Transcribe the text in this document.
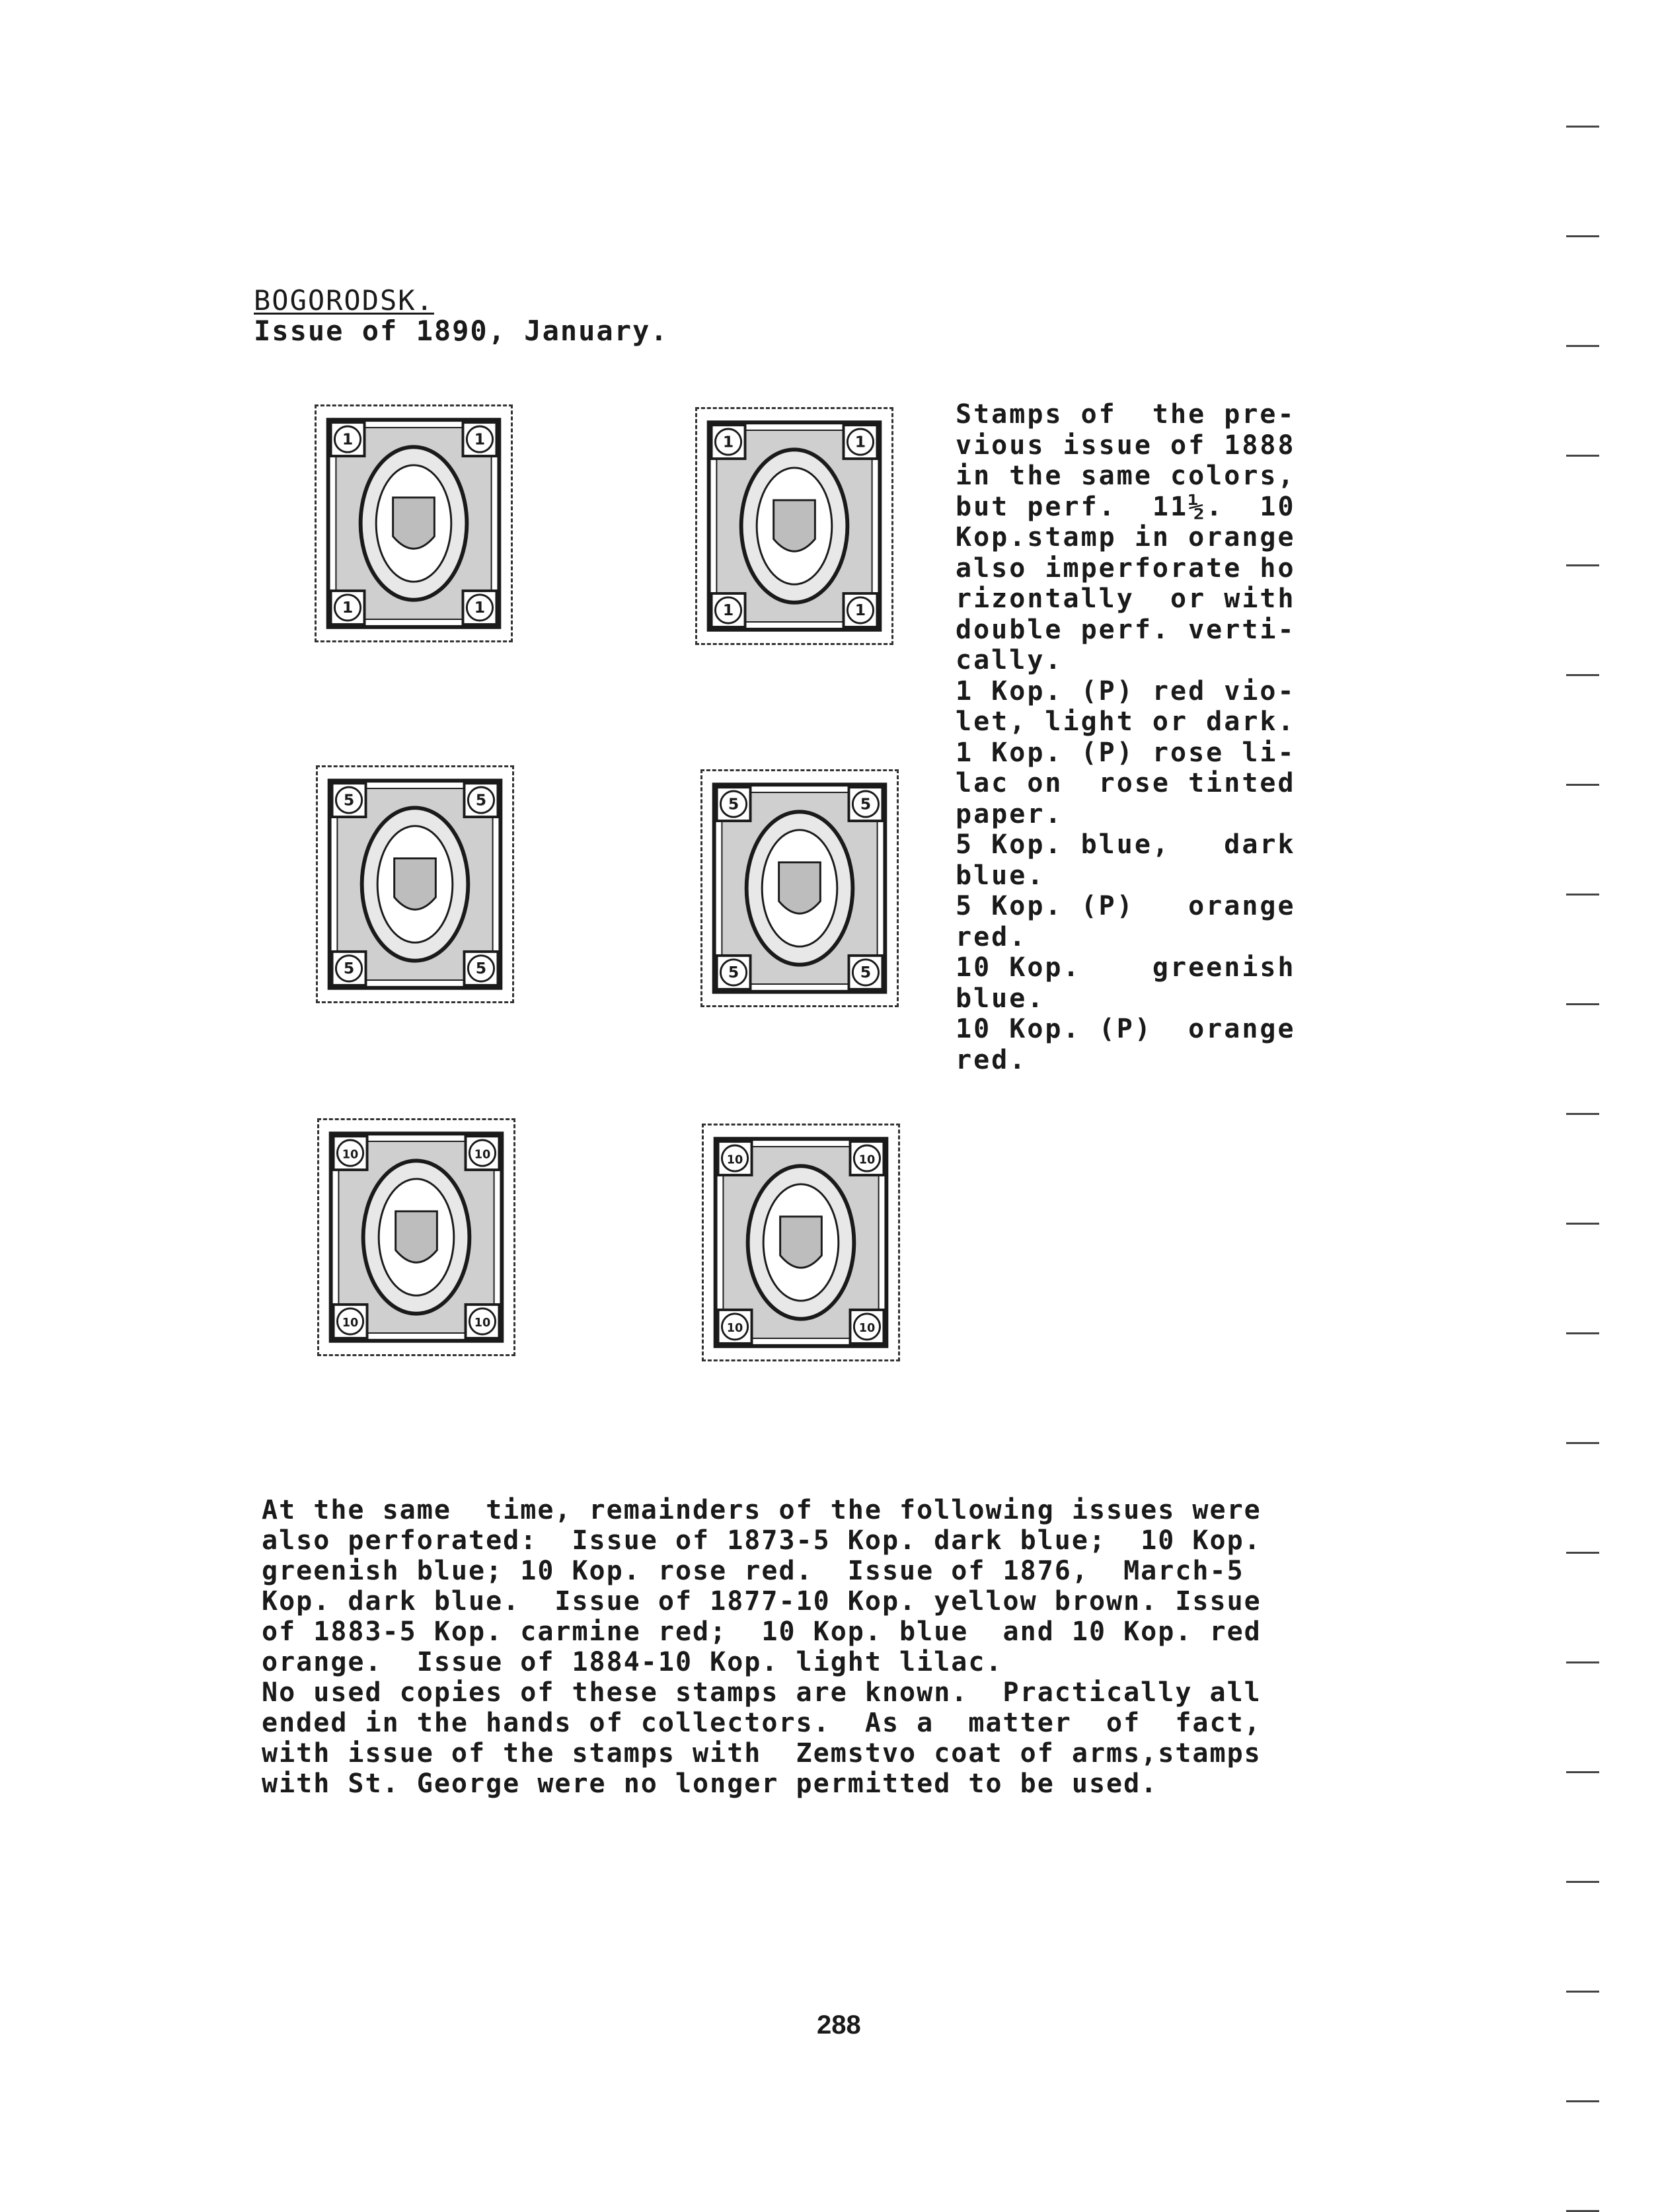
BOGORODSK.
Issue of 1890, January.
1	1
1	1
1	1
1	1
5	5
5	5
5	5
5	5
10	10
10	10
10	10
10	10
Stamps of  the pre-
vious issue of 1888
in the same colors,
but perf.  11½.  10
Kop.stamp in orange
also imperforate ho
rizontally  or with
double perf. verti-
cally.
1 Kop. (P) red vio-
let, light or dark.
1 Kop. (P) rose li-
lac on  rose tinted
paper.
5 Kop. blue,   dark
blue.
5 Kop. (P)   orange
red.
10 Kop.    greenish
blue.
10 Kop. (P)  orange
red.
At the same  time, remainders of the following issues were
also perforated:  Issue of 1873-5 Kop. dark blue;  10 Kop.
greenish blue; 10 Kop. rose red.  Issue of 1876,  March-5
Kop. dark blue.  Issue of 1877-10 Kop. yellow brown. Issue
of 1883-5 Kop. carmine red;  10 Kop. blue  and 10 Kop. red
orange.  Issue of 1884-10 Kop. light lilac.
No used copies of these stamps are known.  Practically all
ended in the hands of collectors.  As a  matter  of  fact,
with issue of the stamps with  Zemstvo coat of arms,stamps
with St. George were no longer permitted to be used.
288
